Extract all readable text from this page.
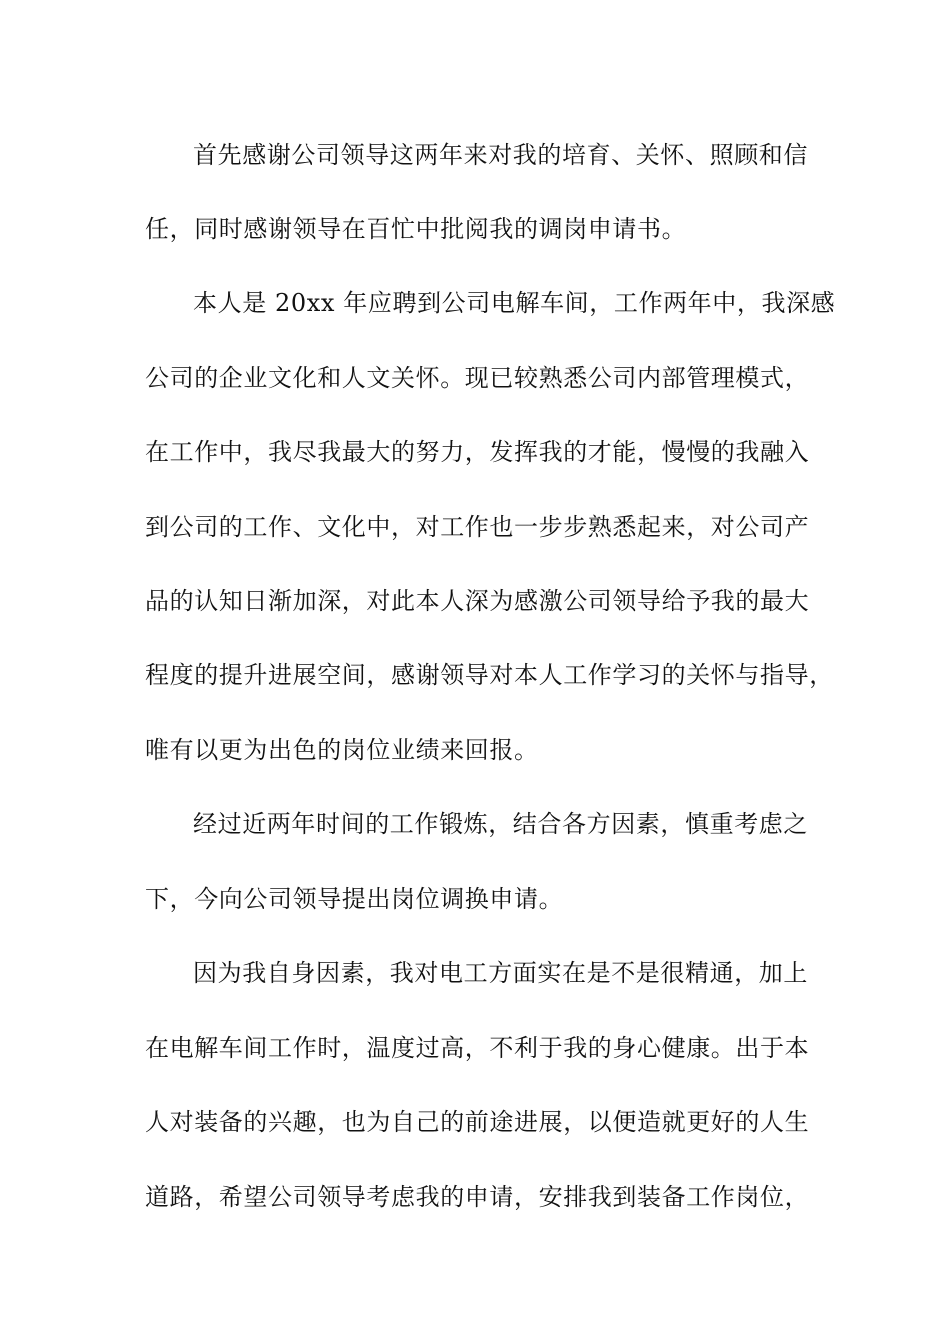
首先感谢公司领导这两年来对我的培育、关怀、照顾和信
任，同时感谢领导在百忙中批阅我的调岗申请书。
本人是 20xx 年应聘到公司电解车间，工作两年中，我深感
公司的企业文化和人文关怀。现已较熟悉公司内部管理模式，
在工作中，我尽我最大的努力，发挥我的才能，慢慢的我融入
到公司的工作、文化中，对工作也一步步熟悉起来，对公司产
品的认知日渐加深，对此本人深为感激公司领导给予我的最大
程度的提升进展空间，感谢领导对本人工作学习的关怀与指导，
唯有以更为出色的岗位业绩来回报。
经过近两年时间的工作锻炼，结合各方因素，慎重考虑之
下，今向公司领导提出岗位调换申请。
因为我自身因素，我对电工方面实在是不是很精通，加上
在电解车间工作时，温度过高，不利于我的身心健康。出于本
人对装备的兴趣，也为自己的前途进展，以便造就更好的人生
道路，希望公司领导考虑我的申请，安排我到装备工作岗位，
